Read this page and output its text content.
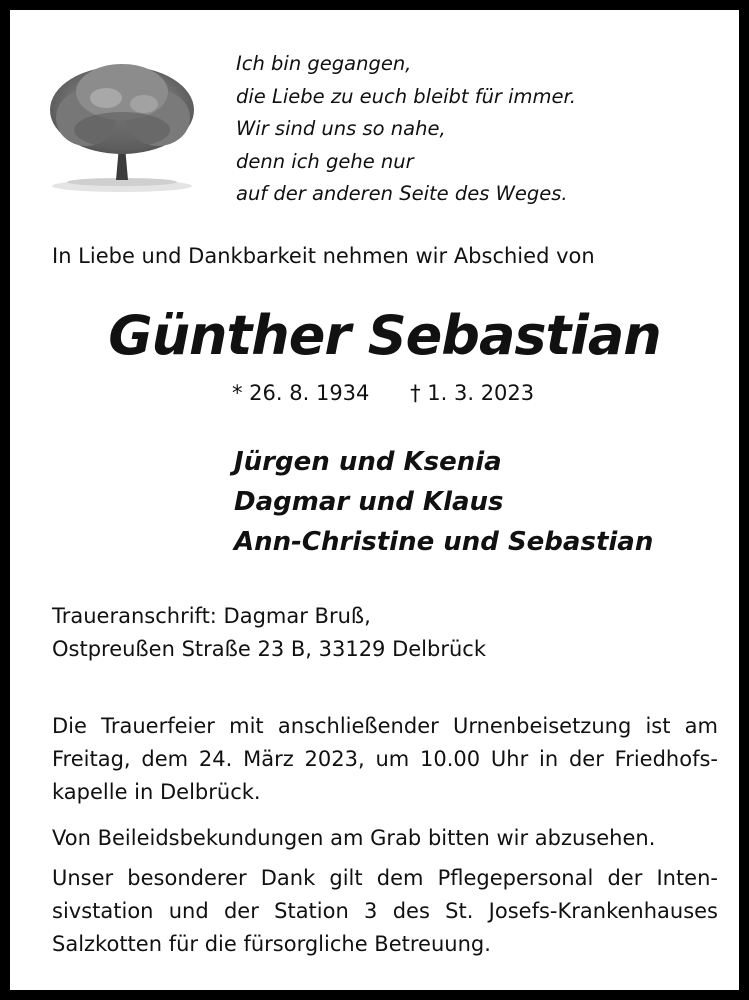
Ich bin gegangen,
die Liebe zu euch bleibt für immer.
Wir sind uns so nahe,
denn ich gehe nur
auf der anderen Seite des Weges.
In Liebe und Dankbarkeit nehmen wir Abschied von
Günther Sebastian
* 26. 8. 1934 † 1. 3. 2023
Jürgen und Ksenia
Dagmar und Klaus
Ann-Christine und Sebastian
Traueranschrift: Dagmar Bruß,
Ostpreußen Straße 23 B, 33129 Delbrück
Die Trauerfeier mit anschließender Urnenbeisetzung ist am Freitag, dem 24. März 2023, um 10.00 Uhr in der Friedhofskapelle in Delbrück.
Von Beileidsbekundungen am Grab bitten wir abzusehen.
Unser besonderer Dank gilt dem Pflegepersonal der Intensivstation und der Station 3 des St. Josefs-Krankenhauses Salzkotten für die fürsorgliche Betreuung.
